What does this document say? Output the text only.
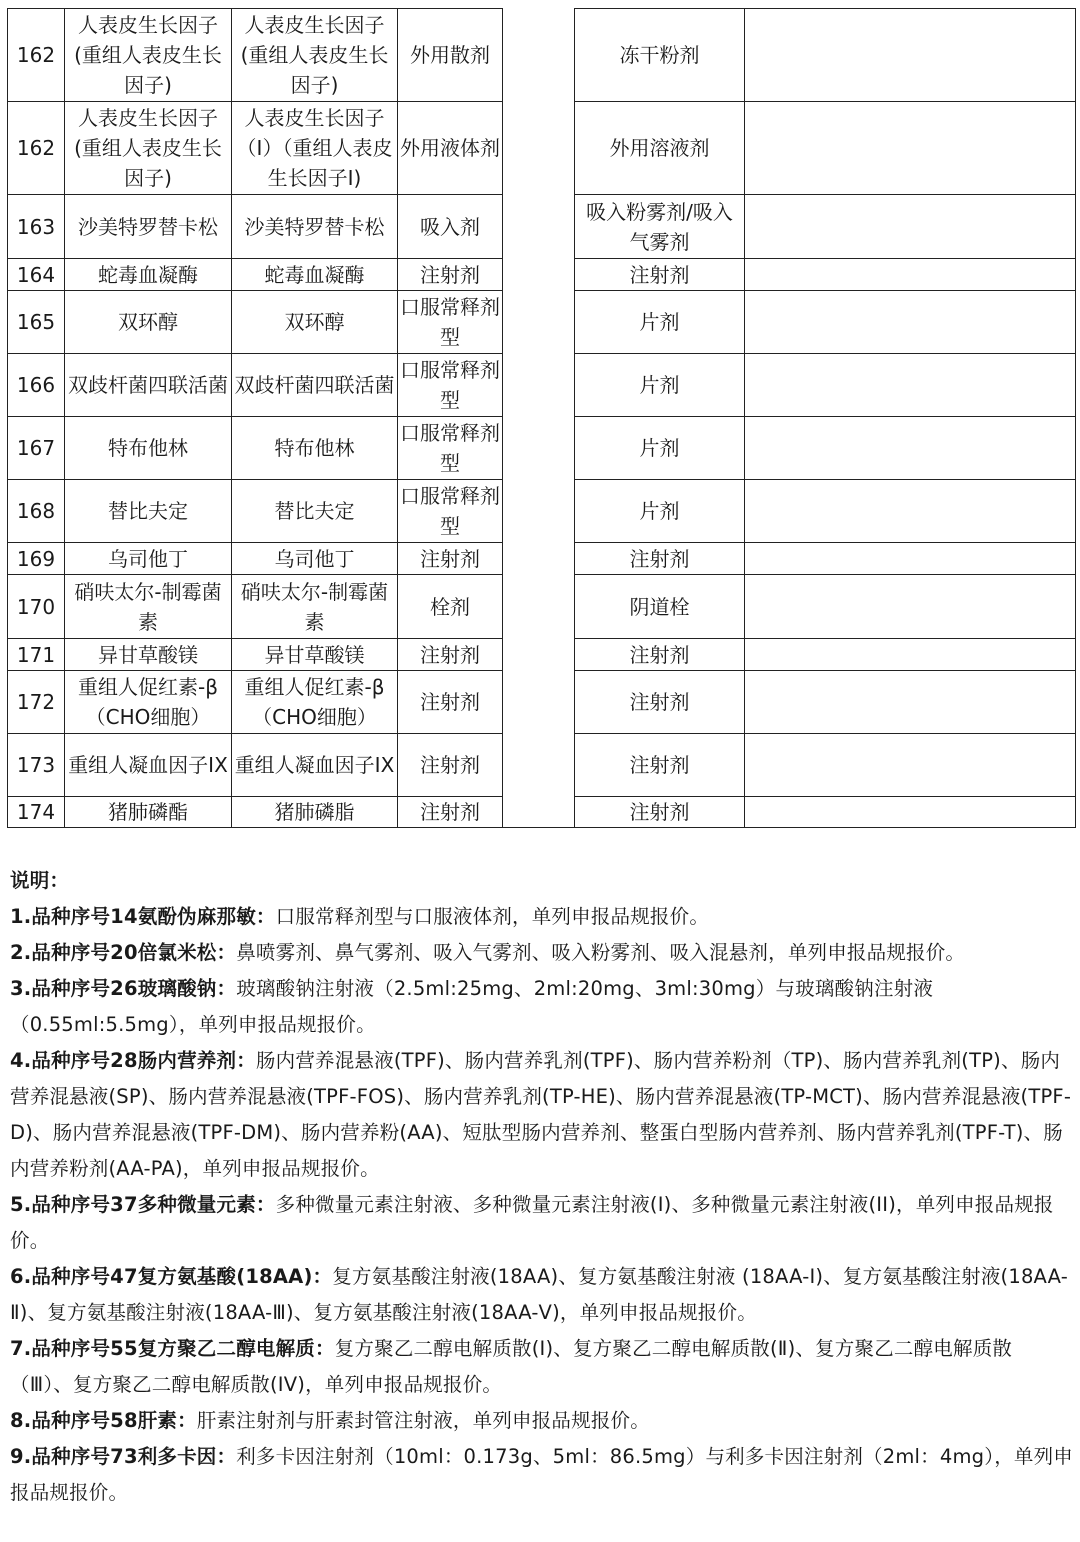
162	人表皮生长因子(重组人表皮生长因子)	人表皮生长因子(重组人表皮生长因子)	外用散剂		冻干粉剂	
162	人表皮生长因子(重组人表皮生长因子)	人表皮生长因子（I）（重组人表皮生长因子I)	外用液体剂		外用溶液剂	
163	沙美特罗替卡松	沙美特罗替卡松	吸入剂		吸入粉雾剂/吸入气雾剂	
164	蛇毒血凝酶	蛇毒血凝酶	注射剂		注射剂	
165	双环醇	双环醇	口服常释剂型		片剂	
166	双歧杆菌四联活菌	双歧杆菌四联活菌	口服常释剂型		片剂	
167	特布他林	特布他林	口服常释剂型		片剂	
168	替比夫定	替比夫定	口服常释剂型		片剂	
169	乌司他丁	乌司他丁	注射剂		注射剂	
170	硝呋太尔-制霉菌素	硝呋太尔-制霉菌素	栓剂		阴道栓	
171	异甘草酸镁	异甘草酸镁	注射剂		注射剂	
172	重组人促红素-β（CHO细胞）	重组人促红素-β（CHO细胞）	注射剂		注射剂	
173	重组人凝血因子IX	重组人凝血因子IX	注射剂		注射剂	
174	猪肺磷酯	猪肺磷脂	注射剂		注射剂	

说明：

1.品种序号14氨酚伪麻那敏：口服常释剂型与口服液体剂，单列申报品规报价。

2.品种序号20倍氯米松：鼻喷雾剂、鼻气雾剂、吸入气雾剂、吸入粉雾剂、吸入混悬剂，单列申报品规报价。

3.品种序号26玻璃酸钠：玻璃酸钠注射液（2.5ml:25mg、2ml:20mg、3ml:30mg）与玻璃酸钠注射液（0.55ml:5.5mg），单列申报品规报价。

4.品种序号28肠内营养剂：肠内营养混悬液(TPF)、肠内营养乳剂(TPF)、肠内营养粉剂（TP)、肠内营养乳剂(TP)、肠内营养混悬液(SP)、肠内营养混悬液(TPF-FOS)、肠内营养乳剂(TP-HE)、肠内营养混悬液(TP-MCT)、肠内营养混悬液(TPF-D)、肠内营养混悬液(TPF-DM)、肠内营养粉(AA)、短肽型肠内营养剂、整蛋白型肠内营养剂、肠内营养乳剂(TPF-T)、肠内营养粉剂(AA-PA)，单列申报品规报价。

5.品种序号37多种微量元素：多种微量元素注射液、多种微量元素注射液(I)、多种微量元素注射液(II)，单列申报品规报价。

6.品种序号47复方氨基酸(18AA)：复方氨基酸注射液(18AA)、复方氨基酸注射液 (18AA-I)、复方氨基酸注射液(18AA-Ⅱ)、复方氨基酸注射液(18AA-Ⅲ)、复方氨基酸注射液(18AA-Ⅴ)，单列申报品规报价。

7.品种序号55复方聚乙二醇电解质：复方聚乙二醇电解质散(I)、复方聚乙二醇电解质散(Ⅱ)、复方聚乙二醇电解质散（Ⅲ）、复方聚乙二醇电解质散(IV)，单列申报品规报价。

8.品种序号58肝素：肝素注射剂与肝素封管注射液，单列申报品规报价。

9.品种序号73利多卡因：利多卡因注射剂（10ml：0.173g、5ml：86.5mg）与利多卡因注射剂（2ml：4mg），单列申报品规报价。
